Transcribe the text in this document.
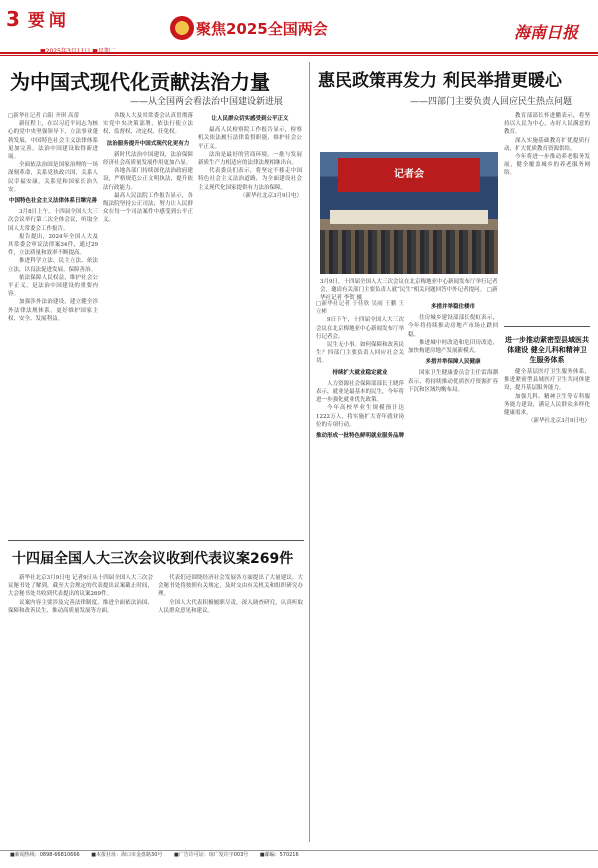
3 要闻	聚焦2025全国两会	海南日报
为中国式现代化贡献法治力量
——从全国两会看法治中国建设新进展
惠民政策再发力 利民举措更暖心
——四部门主要负责人回应民生热点问题

□新华社记者 白阳 齐琪 高蕾

新征程上，在以习近平同志为核心的党中央坚强领导下，立法事业蓬勃发展，中国特色社会主义法律体系更加完善，法治中国建设取得新进展。

全面依法治国是国家治理的一场深刻革命，关系党执政兴国，关系人民幸福安康，关系党和国家长治久安。

中国特色社会主义法律体系日臻完善

3月8日上午，十四届全国人大三次会议举行第二次全体会议，听取全国人大常委会工作报告。

报告提出，2024年全国人大及其常委会审议法律案34件，通过29件，立法质量和效率不断提高。

推进科学立法、民主立法、依法立法，以良法促进发展、保障善治。

依法保障人民权益，维护社会公平正义，是法治中国建设的重要内容。

加强涉外法治建设，建立健全涉外法律法规体系，更好维护国家主权、安全、发展利益。

各级人大及其常委会认真贯彻落实党中央决策部署，依法行使立法权、监督权、决定权、任免权。

法治服务提升中国式现代化更有力

新时代法治中国建设，法治保障经济社会高质量发展作用更加凸显。

各地各部门持续深化法治政府建设，严格规范公正文明执法，提升依法行政能力。

最高人民法院工作报告显示，各级法院坚持公正司法，努力让人民群众在每一个司法案件中感受到公平正义。

让人民群众切实感受到公平正义

最高人民检察院工作报告显示，检察机关依法履行法律监督职能，维护社会公平正义。

法治是最好的营商环境。一批与发展新质生产力相适应的法律法规相继出台。

代表委员们表示，将坚定不移走中国特色社会主义法治道路，为全面建设社会主义现代化国家提供有力法治保障。

（新华社北京3月9日电）

十四届全国人大三次会议收到代表议案269件

新华社北京3月9日电 记者9日从十四届全国人大三次会议秘书处了解到，截至大会规定的代表提出议案截止时间，大会秘书处共收到代表提出的议案269件。

议案内容主要涉及完善法律制度、推进全面依法治国、保障和改善民生、推动高质量发展等方面。

代表们还围绕经济社会发展各方面提出了大量建议。大会秘书处将按照有关规定，及时交由有关机关和组织研究办理。

全国人大代表积极履职尽责，深入调查研究，认真听取人民群众意见和建议。

记者会
3月9日，十四届全国人大三次会议在北京梅地亚中心新闻发布厅举行记者会，邀请有关部门主要负责人就“民生”相关问题回答中外记者提问。 □新华社记者 李贺 摄

□新华社记者 于佳欣 吴雨 王鹏 王立彬

9日下午，十四届全国人大三次会议在北京梅地亚中心新闻发布厅举行记者会。

民生无小事。如何保障和改善民生？四部门主要负责人回应社会关切。

持续扩大就业稳定就业

人力资源社会保障部部长王晓萍表示，就业是最基本的民生，今年将进一步强化就业优先政策。

今年高校毕业生规模预计达1222万人，将实施扩大青年就业岗位的专项行动。

推动形成一批特色鲜明就业服务品牌

多措并举稳住楼市

住房城乡建设部部长倪虹表示，今年将持续推动房地产市场止跌回稳。

推进城中村改造和危旧房改造，加快构建房地产发展新模式。

多措并举保障人民健康

国家卫生健康委员会主任雷海潮表示，将持续推动优质医疗资源扩容下沉和区域均衡布局。

教育部部长怀进鹏表示，将坚持以人民为中心，办好人民满意的教育。

深入实施基础教育扩优提质行动，扩大优质教育资源供给。

今年将进一步推动养老服务发展，健全覆盖城乡的养老服务网络。

进一步推动紧密型县域医共体建设 健全儿科和精神卫生服务体系

健全基层医疗卫生服务体系，推进紧密型县域医疗卫生共同体建设，提升基层服务能力。

加强儿科、精神卫生等专科服务能力建设，满足人民群众多样化健康需求。

（新华社北京3月9日电）

■新闻热线：0898-66810666 ■本报社址：海口市金盘路30号 ■广告许可证：琼广发许字003号 ■邮编：570216
